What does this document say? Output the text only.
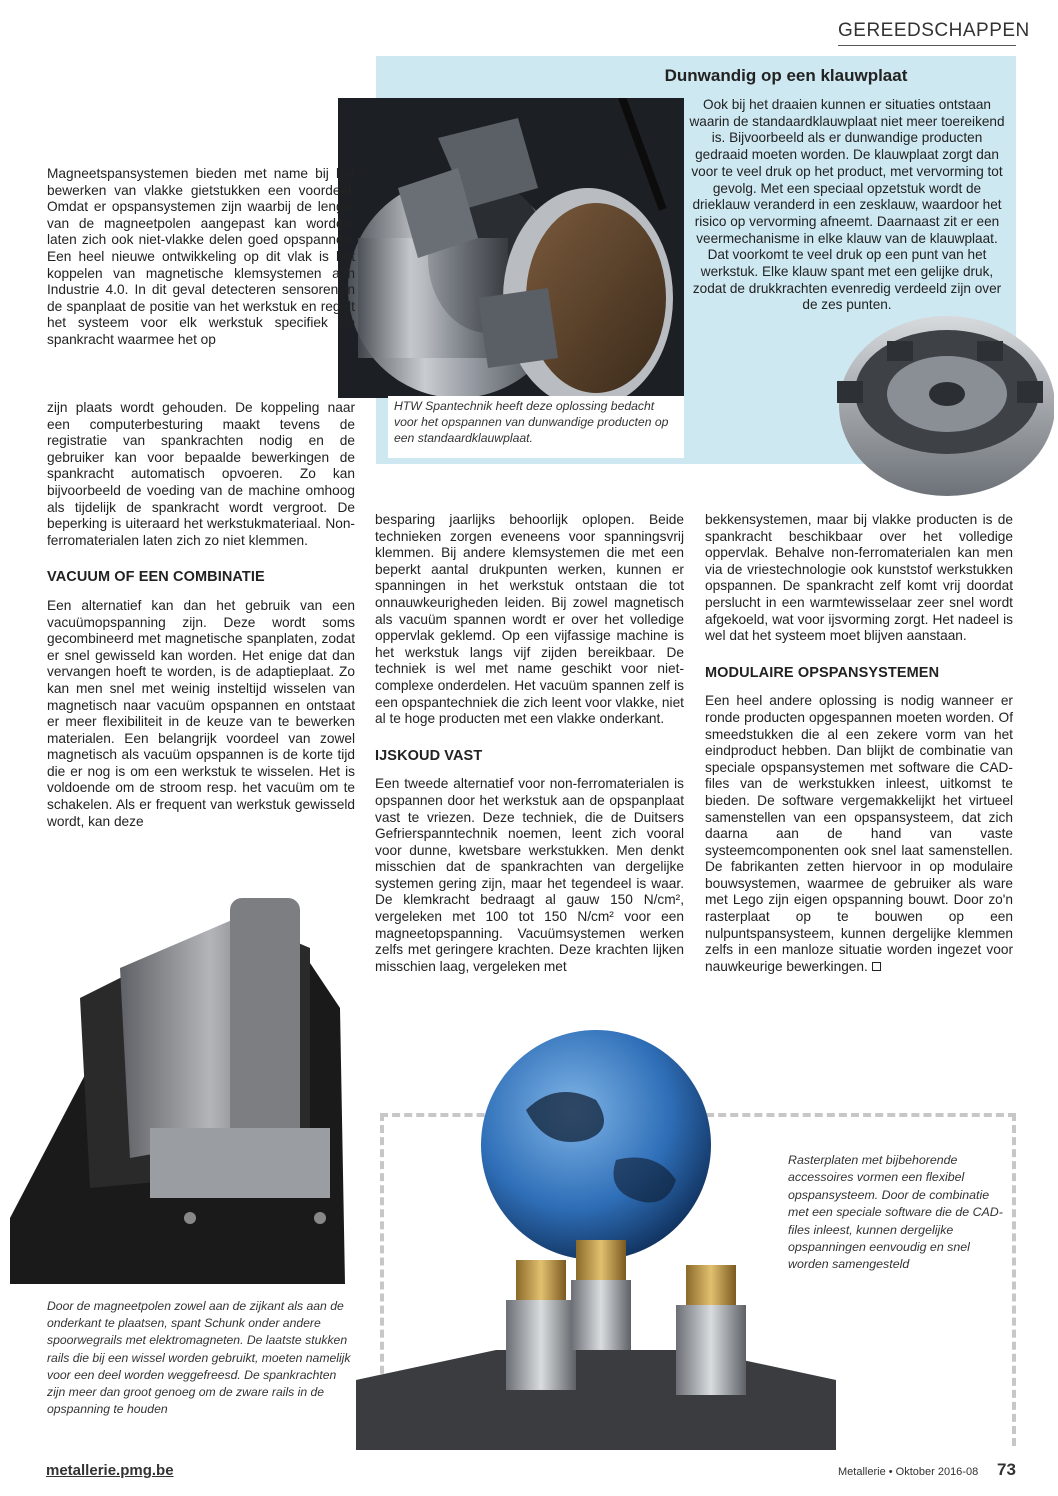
GEREEDSCHAPPEN
Dunwandig op een klauwplaat
HTW Spantechnik heeft deze oplossing bedacht voor het opspannen van dunwandige producten op een standaardklauwplaat.
Ook bij het draaien kunnen er situaties ontstaan waarin de standaardklauwplaat niet meer toereikend is. Bijvoorbeeld als er dunwandige producten gedraaid moeten worden. De klauwplaat zorgt dan voor te veel druk op het product, met vervorming tot gevolg. Met een speciaal opzetstuk wordt de drieklauw veranderd in een zesklauw, waardoor het risico op vervorming afneemt. Daarnaast zit er een veermechanisme in elke klauw van de klauwplaat. Dat voorkomt te veel druk op een punt van het werkstuk. Elke klauw spant met een gelijke druk, zodat de drukkrachten evenredig verdeeld zijn over de zes punten.

Magneetspansystemen bieden met name bij het bewerken van vlakke gietstukken een voordeel. Omdat er opspansystemen zijn waarbij de lengte van de magneetpolen aangepast kan worden, laten zich ook niet-vlakke delen goed opspannen. Een heel nieuwe ontwikkeling op dit vlak is het koppelen van magnetische klemsystemen aan Industrie 4.0. In dit geval detecteren sensoren in de spanplaat de positie van het werkstuk en regelt het systeem voor elk werkstuk specifiek de spankracht waarmee het op

zijn plaats wordt gehouden. De koppeling naar een computerbesturing maakt tevens de registratie van spankrachten nodig en de gebruiker kan voor bepaalde bewerkingen de spankracht automatisch opvoeren. Zo kan bijvoorbeeld de voeding van de machine omhoog als tijdelijk de spankracht wordt vergroot. De beperking is uiteraard het werkstukmateriaal. Non-ferromaterialen laten zich zo niet klemmen.

VACUUM OF EEN COMBINATIE

Een alternatief kan dan het gebruik van een vacuümopspanning zijn. Deze wordt soms gecombineerd met magnetische spanplaten, zodat er snel gewisseld kan worden. Het enige dat dan vervangen hoeft te worden, is de adaptieplaat. Zo kan men snel met weinig insteltijd wisselen van magnetisch naar vacuüm opspannen en ontstaat er meer flexibiliteit in de keuze van te bewerken materialen. Een belangrijk voordeel van zowel magnetisch als vacuüm opspannen is de korte tijd die er nog is om een werkstuk te wisselen. Het is voldoende om de stroom resp. het vacuüm om te schakelen. Als er frequent van werkstuk gewisseld wordt, kan deze

besparing jaarlijks behoorlijk oplopen. Beide technieken zorgen eveneens voor spanningsvrij klemmen. Bij andere klemsystemen die met een beperkt aantal drukpunten werken, kunnen er spanningen in het werkstuk ontstaan die tot onnauwkeurigheden leiden. Bij zowel magnetisch als vacuüm spannen wordt er over het volledige oppervlak geklemd. Op een vijfassige machine is het werkstuk langs vijf zijden bereikbaar. De techniek is wel met name geschikt voor niet-complexe onderdelen. Het vacuüm spannen zelf is een opspantechniek die zich leent voor vlakke, niet al te hoge producten met een vlakke onderkant.

IJSKOUD VAST

Een tweede alternatief voor non-ferromaterialen is opspannen door het werkstuk aan de opspanplaat vast te vriezen. Deze techniek, die de Duitsers Gefrierspanntechnik noemen, leent zich vooral voor dunne, kwetsbare werkstukken. Men denkt misschien dat de spankrachten van dergelijke systemen gering zijn, maar het tegendeel is waar. De klemkracht bedraagt al gauw 150 N/cm², vergeleken met 100 tot 150 N/cm² voor een magneetopspanning. Vacuümsystemen werken zelfs met geringere krachten. Deze krachten lijken misschien laag, vergeleken met

bekkensystemen, maar bij vlakke producten is de spankracht beschikbaar over het volledige oppervlak. Behalve non-ferromaterialen kan men via de vriestechnologie ook kunststof werkstukken opspannen. De spankracht zelf komt vrij doordat perslucht in een warmtewisselaar zeer snel wordt afgekoeld, wat voor ijsvorming zorgt. Het nadeel is wel dat het systeem moet blijven aanstaan.

MODULAIRE OPSPANSYSTEMEN

Een heel andere oplossing is nodig wanneer er ronde producten opgespannen moeten worden. Of smeedstukken die al een zekere vorm van het eindproduct hebben. Dan blijkt de combinatie van speciale opspansystemen met software die CAD-files van de werkstukken inleest, uitkomst te bieden. De software vergemakkelijkt het virtueel samenstellen van een opspansysteem, dat zich daarna aan de hand van vaste systeemcomponenten ook snel laat samenstellen. De fabrikanten zetten hiervoor in op modulaire bouwsystemen, waarmee de gebruiker als ware met Lego zijn eigen opspanning bouwt. Door zo'n rasterplaat op te bouwen op een nulpuntspansysteem, kunnen dergelijke klemmen zelfs in een manloze situatie worden ingezet voor nauwkeurige bewerkingen.

Door de magneetpolen zowel aan de zijkant als aan de onderkant te plaatsen, spant Schunk onder andere spoorwegrails met elektromagneten. De laatste stukken rails die bij een wissel worden gebruikt, moeten namelijk voor een deel worden weggefreesd. De spankrachten zijn meer dan groot genoeg om de zware rails in de opspanning te houden
Rasterplaten met bijbehorende accessoires vormen een flexibel opspansysteem. Door de combinatie met een speciale software die de CAD-files inleest, kunnen dergelijke opspanningen eenvoudig en snel worden samengesteld
metallerie.pmg.be	Metallerie • Oktober 2016-08 73
